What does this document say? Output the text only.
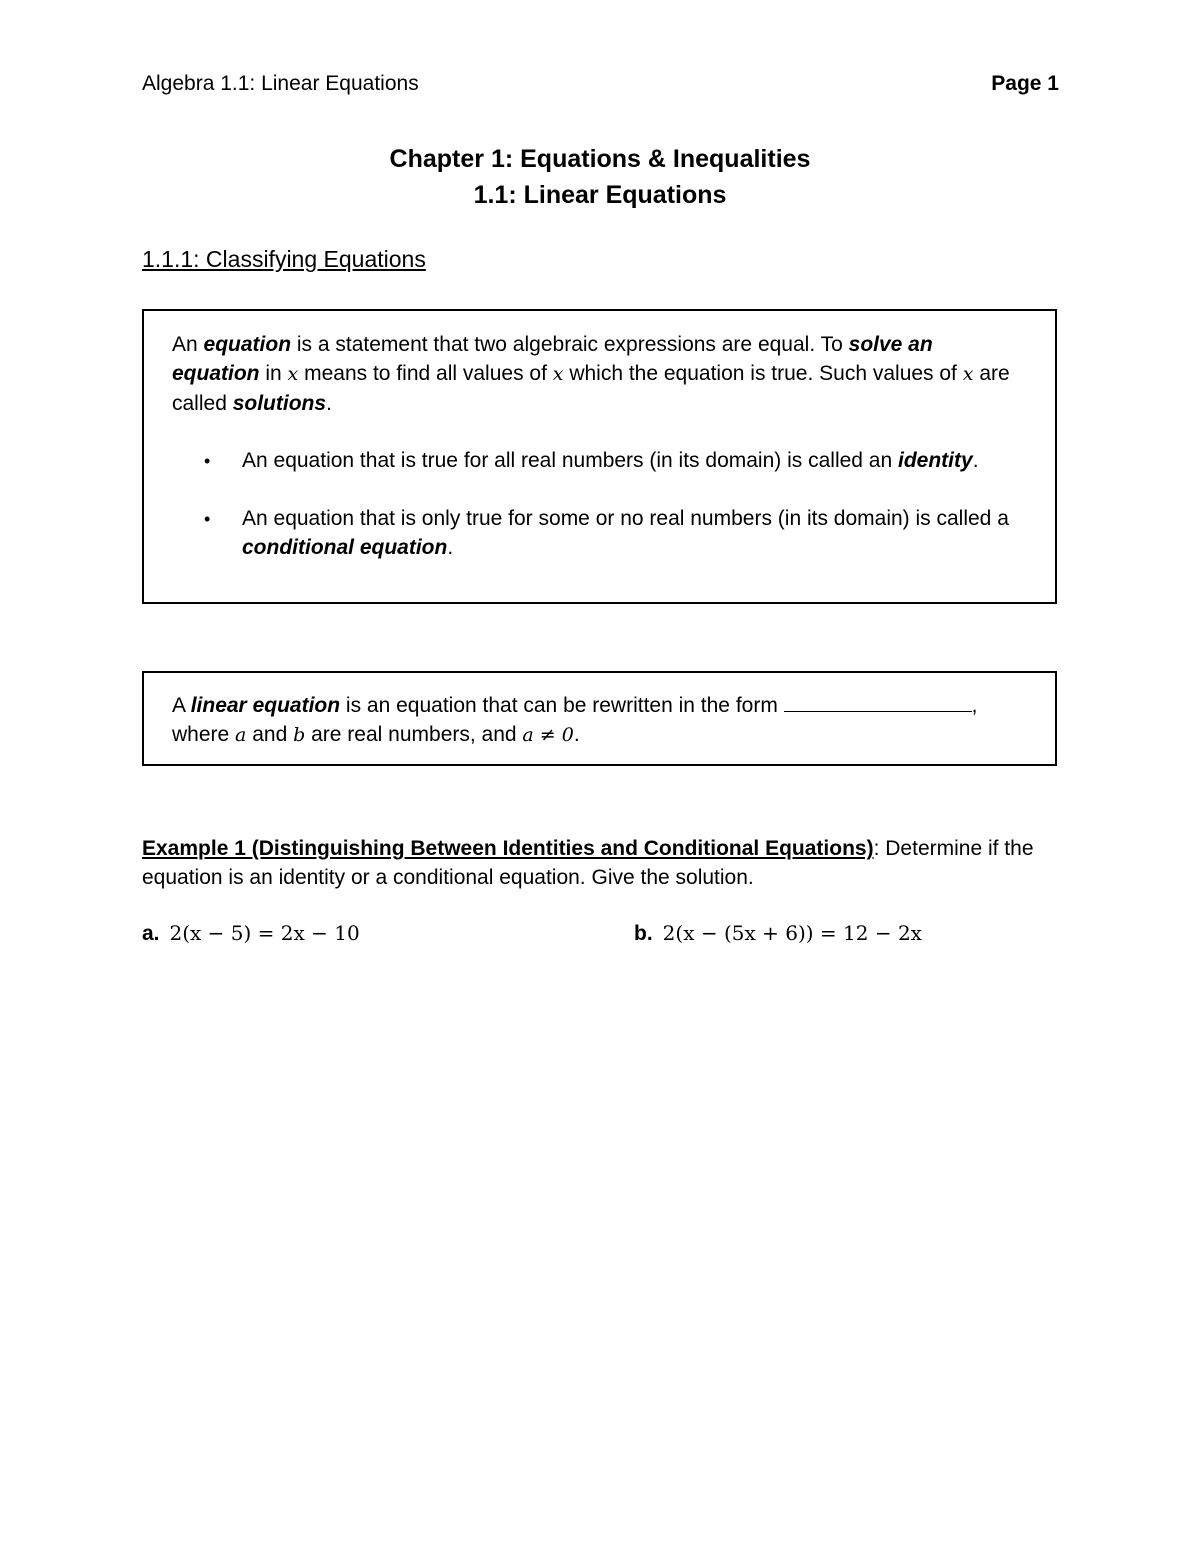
Algebra 1.1: Linear Equations	Page 1
Chapter 1: Equations & Inequalities
1.1: Linear Equations
1.1.1: Classifying Equations
An equation is a statement that two algebraic expressions are equal. To solve an equation in x means to find all values of x which the equation is true. Such values of x are called solutions.
•	An equation that is true for all real numbers (in its domain) is called an identity.
•	An equation that is only true for some or no real numbers (in its domain) is called a conditional equation.
A linear equation is an equation that can be rewritten in the form	,
where a and b are real numbers, and a ≠ 0.
Example 1 (Distinguishing Between Identities and Conditional Equations): Determine if the equation is an identity or a conditional equation. Give the solution.
a. 2(x − 5) = 2x − 10	b. 2(x − (5x + 6)) = 12 − 2x
